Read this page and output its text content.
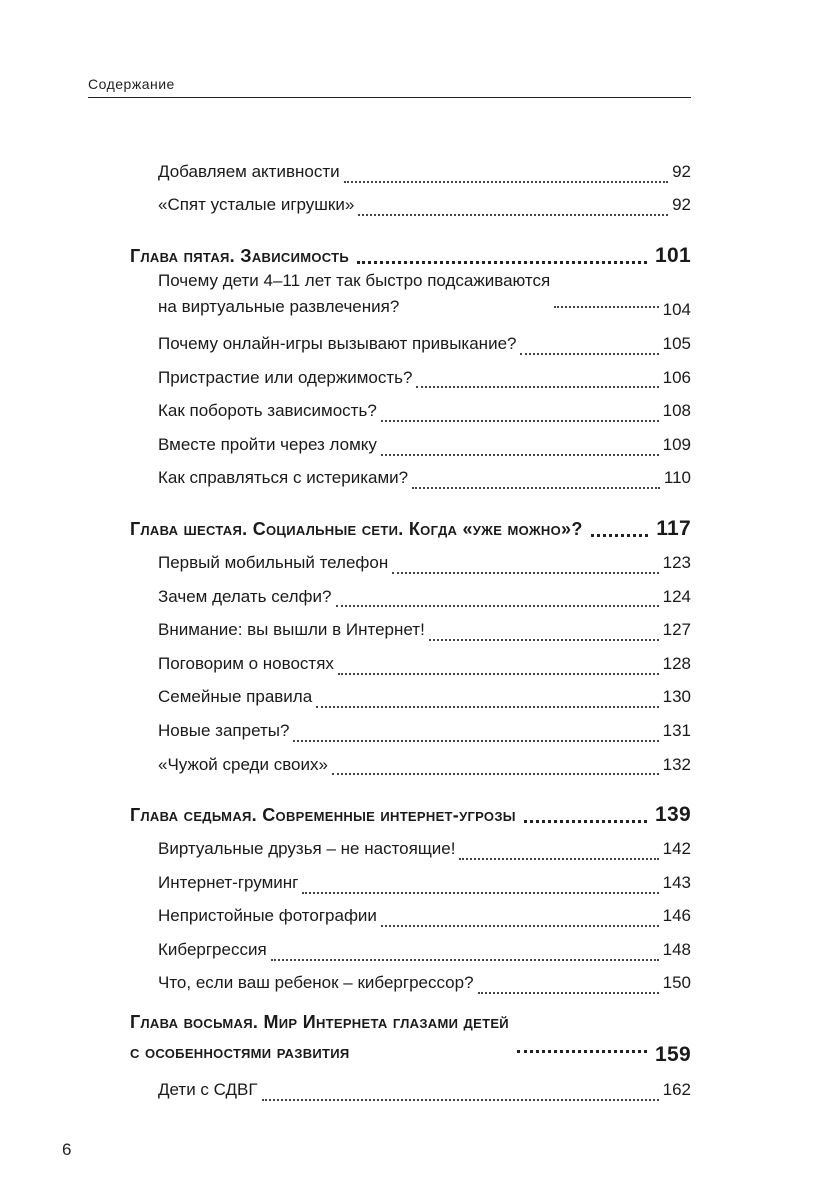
Содержание
Добавляем активности	92
«Спят усталые игрушки»	92
Глава пятая. Зависимость	101
Почему дети 4–11 лет так быстро подсаживаются
на виртуальные развлечения?	104
Почему онлайн-игры вызывают привыкание?	105
Пристрастие или одержимость?	106
Как побороть зависимость?	108
Вместе пройти через ломку	109
Как справляться с истериками?	110
Глава шестая. Социальные сети. Когда «уже можно»?	117
Первый мобильный телефон	123
Зачем делать селфи?	124
Внимание: вы вышли в Интернет!	127
Поговорим о новостях	128
Семейные правила	130
Новые запреты?	131
«Чужой среди своих»	132
Глава седьмая. Современные интернет-угрозы	139
Виртуальные друзья – не настоящие!	142
Интернет-груминг	143
Непристойные фотографии	146
Кибергрессия	148
Что, если ваш ребенок – кибергрессор?	150
Глава восьмая. Мир Интернета глазами детей
с особенностями развития	159
Дети с СДВГ	162
6
